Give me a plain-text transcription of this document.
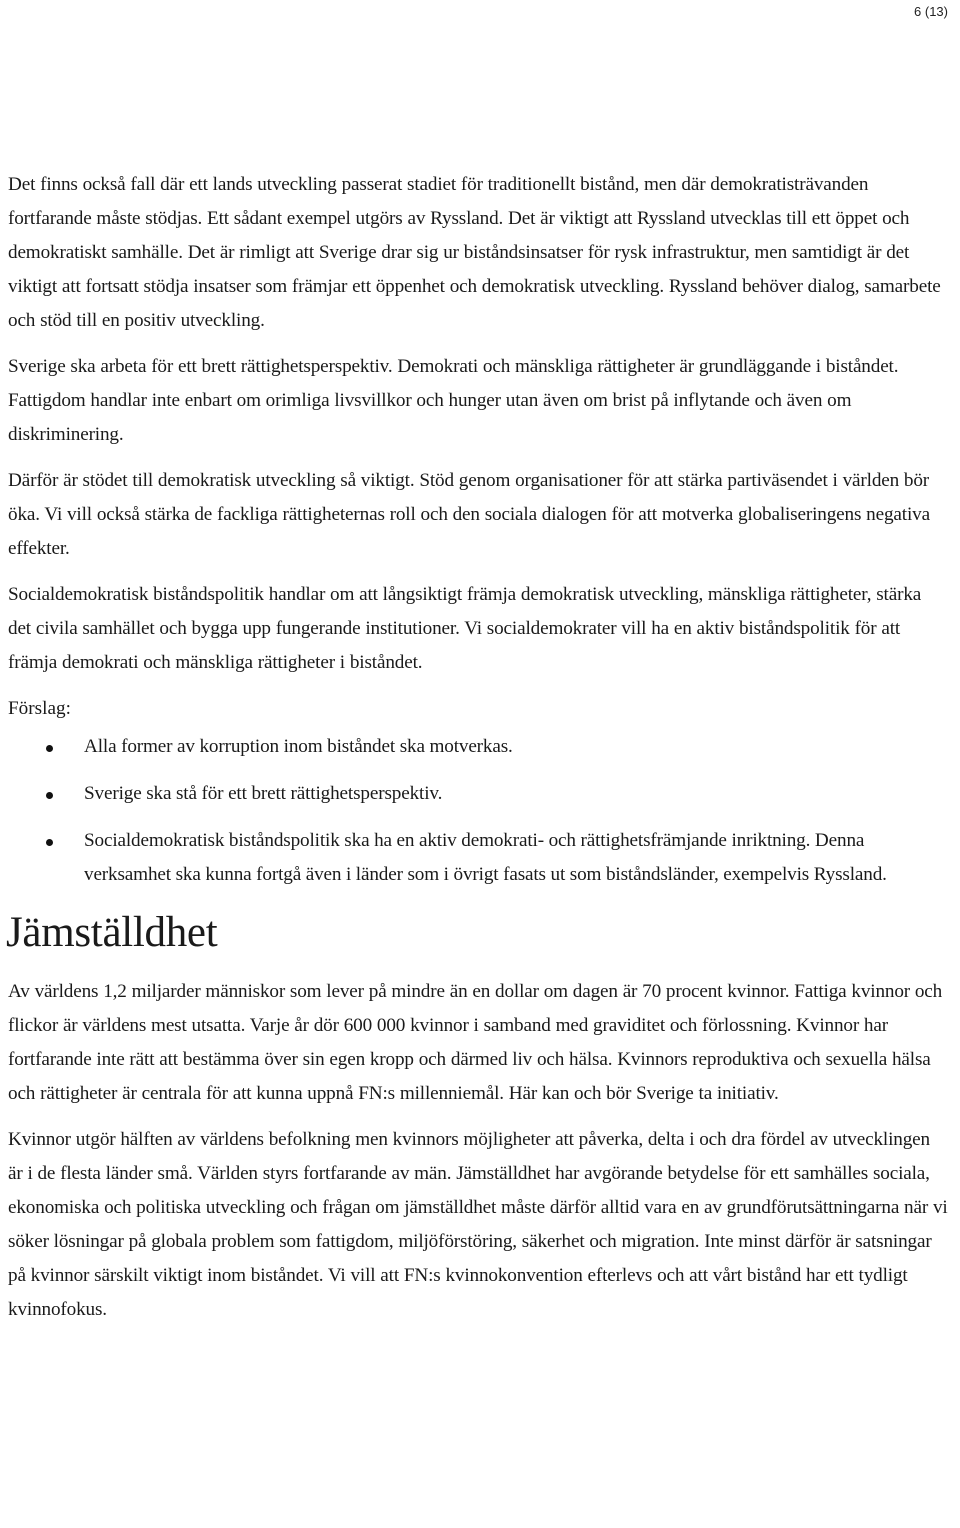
6 (13)

Det finns också fall där ett lands utveckling passerat stadiet för traditionellt bistånd, men där demokratisträvanden fortfarande måste stödjas. Ett sådant exempel utgörs av Ryssland. Det är viktigt att Ryssland utvecklas till ett öppet och demokratiskt samhälle. Det är rimligt att Sverige drar sig ur biståndsinsatser för rysk infrastruktur, men samtidigt är det viktigt att fortsatt stödja insatser som främjar ett öppenhet och demokratisk utveckling. Ryssland behöver dialog, samarbete och stöd till en positiv utveckling.

Sverige ska arbeta för ett brett rättighetsperspektiv. Demokrati och mänskliga rättigheter är grundläggande i biståndet. Fattigdom handlar inte enbart om orimliga livsvillkor och hunger utan även om brist på inflytande och även om diskriminering.

Därför är stödet till demokratisk utveckling så viktigt. Stöd genom organisationer för att stärka partiväsendet i världen bör öka. Vi vill också stärka de fackliga rättigheternas roll och den sociala dialogen för att motverka globaliseringens negativa effekter.

Socialdemokratisk biståndspolitik handlar om att långsiktigt främja demokratisk utveckling, mänskliga rättigheter, stärka det civila samhället och bygga upp fungerande institutioner. Vi socialdemokrater vill ha en aktiv biståndspolitik för att främja demokrati och mänskliga rättigheter i biståndet.

Förslag:
Alla former av korruption inom biståndet ska motverkas.
Sverige ska stå för ett brett rättighetsperspektiv.
Socialdemokratisk biståndspolitik ska ha en aktiv demokrati- och rättighetsfrämjande inriktning. Denna verksamhet ska kunna fortgå även i länder som i övrigt fasats ut som biståndsländer, exempelvis Ryssland.
Jämställdhet

Av världens 1,2 miljarder människor som lever på mindre än en dollar om dagen är 70 procent kvinnor. Fattiga kvinnor och flickor är världens mest utsatta. Varje år dör 600 000 kvinnor i samband med graviditet och förlossning. Kvinnor har fortfarande inte rätt att bestämma över sin egen kropp och därmed liv och hälsa. Kvinnors reproduktiva och sexuella hälsa och rättigheter är centrala för att kunna uppnå FN:s millenniemål. Här kan och bör Sverige ta initiativ.

Kvinnor utgör hälften av världens befolkning men kvinnors möjligheter att påverka, delta i och dra fördel av utvecklingen är i de flesta länder små. Världen styrs fortfarande av män. Jämställdhet har avgörande betydelse för ett samhälles sociala, ekonomiska och politiska utveckling och frågan om jämställdhet måste därför alltid vara en av grundförutsättningarna när vi söker lösningar på globala problem som fattigdom, miljöförstöring, säkerhet och migration. Inte minst därför är satsningar på kvinnor särskilt viktigt inom biståndet. Vi vill att FN:s kvinnokonvention efterlevs och att vårt bistånd har ett tydligt kvinnofokus.
